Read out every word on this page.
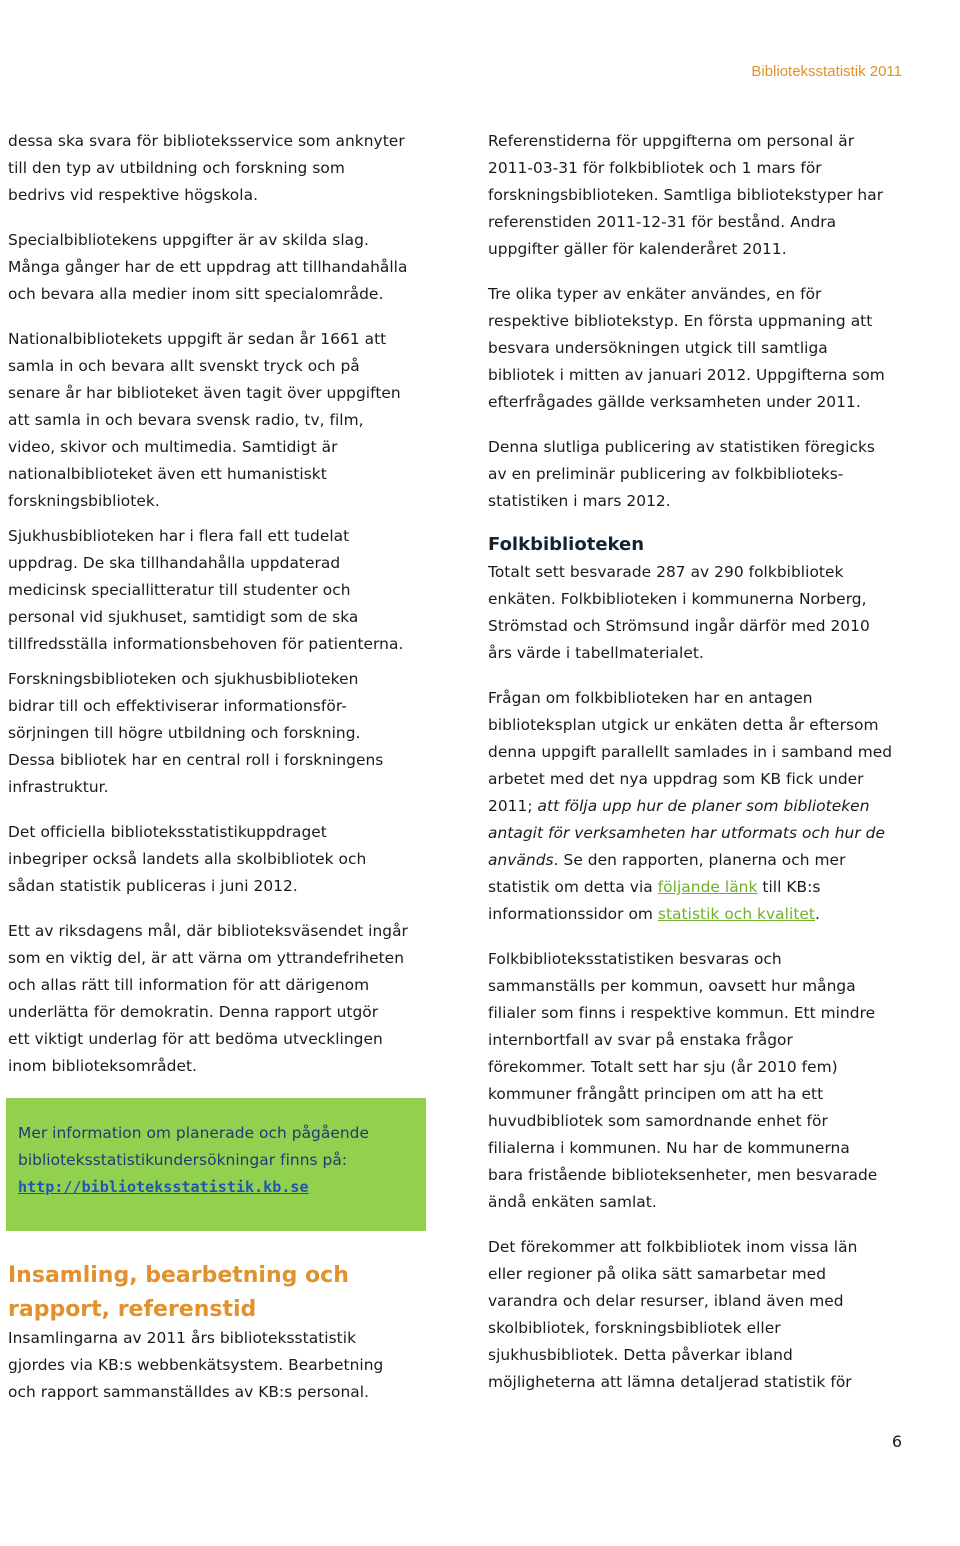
Biblioteksstatistik 2011

dessa ska svara för biblioteksservice som anknyter
till den typ av utbildning och forskning som
bedrivs vid respektive högskola.

Specialbibliotekens uppgifter är av skilda slag.
Många gånger har de ett uppdrag att tillhandahålla
och bevara alla medier inom sitt specialområde.

Nationalbibliotekets uppgift är sedan år 1661 att
samla in och bevara allt svenskt tryck och på
senare år har biblioteket även tagit över uppgiften
att samla in och bevara svensk radio, tv, film,
video, skivor och multimedia. Samtidigt är
nationalbiblioteket även ett humanistiskt
forskningsbibliotek.

Sjukhusbiblioteken har i flera fall ett tudelat
uppdrag. De ska tillhandahålla uppdaterad
medicinsk speciallitteratur till studenter och
personal vid sjukhuset, samtidigt som de ska
tillfredsställa informationsbehoven för patienterna.

Forskningsbiblioteken och sjukhusbiblioteken
bidrar till och effektiviserar informationsför-
sörjningen till högre utbildning och forskning.
Dessa bibliotek har en central roll i forskningens
infrastruktur.

Det officiella biblioteksstatistikuppdraget
inbegriper också landets alla skolbibliotek och
sådan statistik publiceras i juni 2012.

Ett av riksdagens mål, där biblioteksväsendet ingår
som en viktig del, är att värna om yttrandefriheten
och allas rätt till information för att därigenom
underlätta för demokratin. Denna rapport utgör
ett viktigt underlag för att bedöma utvecklingen
inom biblioteksområdet.

Mer information om planerade och pågående
biblioteksstatistikundersökningar finns på:

http://biblioteksstatistik.kb.se

Insamling, bearbetning och
rapport, referenstid

Insamlingarna av 2011 års biblioteksstatistik
gjordes via KB:s webbenkätsystem. Bearbetning
och rapport sammanställdes av KB:s personal.

Referenstiderna för uppgifterna om personal är
2011-03-31 för folkbibliotek och 1 mars för
forskningsbiblioteken. Samtliga bibliotekstyper har
referenstiden 2011-12-31 för bestånd. Andra
uppgifter gäller för kalenderåret 2011.

Tre olika typer av enkäter användes, en för
respektive bibliotekstyp. En första uppmaning att
besvara undersökningen utgick till samtliga
bibliotek i mitten av januari 2012. Uppgifterna som
efterfrågades gällde verksamheten under 2011.

Denna slutliga publicering av statistiken föregicks
av en preliminär publicering av folkbiblioteks-
statistiken i mars 2012.

Folkbiblioteken

Totalt sett besvarade 287 av 290 folkbibliotek
enkäten. Folkbiblioteken i kommunerna Norberg,
Strömstad och Strömsund ingår därför med 2010
års värde i tabellmaterialet.

Frågan om folkbiblioteken har en antagen
biblioteksplan utgick ur enkäten detta år eftersom
denna uppgift parallellt samlades in i samband med
arbetet med det nya uppdrag som KB fick under
2011; att följa upp hur de planer som biblioteken
antagit för verksamheten har utformats och hur de
används. Se den rapporten, planerna och mer
statistik om detta via följande länk till KB:s
informationssidor om statistik och kvalitet.

Folkbiblioteksstatistiken besvaras och
sammanställs per kommun, oavsett hur många
filialer som finns i respektive kommun. Ett mindre
internbortfall av svar på enstaka frågor
förekommer. Totalt sett har sju (år 2010 fem)
kommuner frångått principen om att ha ett
huvudbibliotek som samordnande enhet för
filialerna i kommunen. Nu har de kommunerna
bara fristående biblioteksenheter, men besvarade
ändå enkäten samlat.

Det förekommer att folkbibliotek inom vissa län
eller regioner på olika sätt samarbetar med
varandra och delar resurser, ibland även med
skolbibliotek, forskningsbibliotek eller
sjukhusbibliotek. Detta påverkar ibland
möjligheterna att lämna detaljerad statistik för

6
